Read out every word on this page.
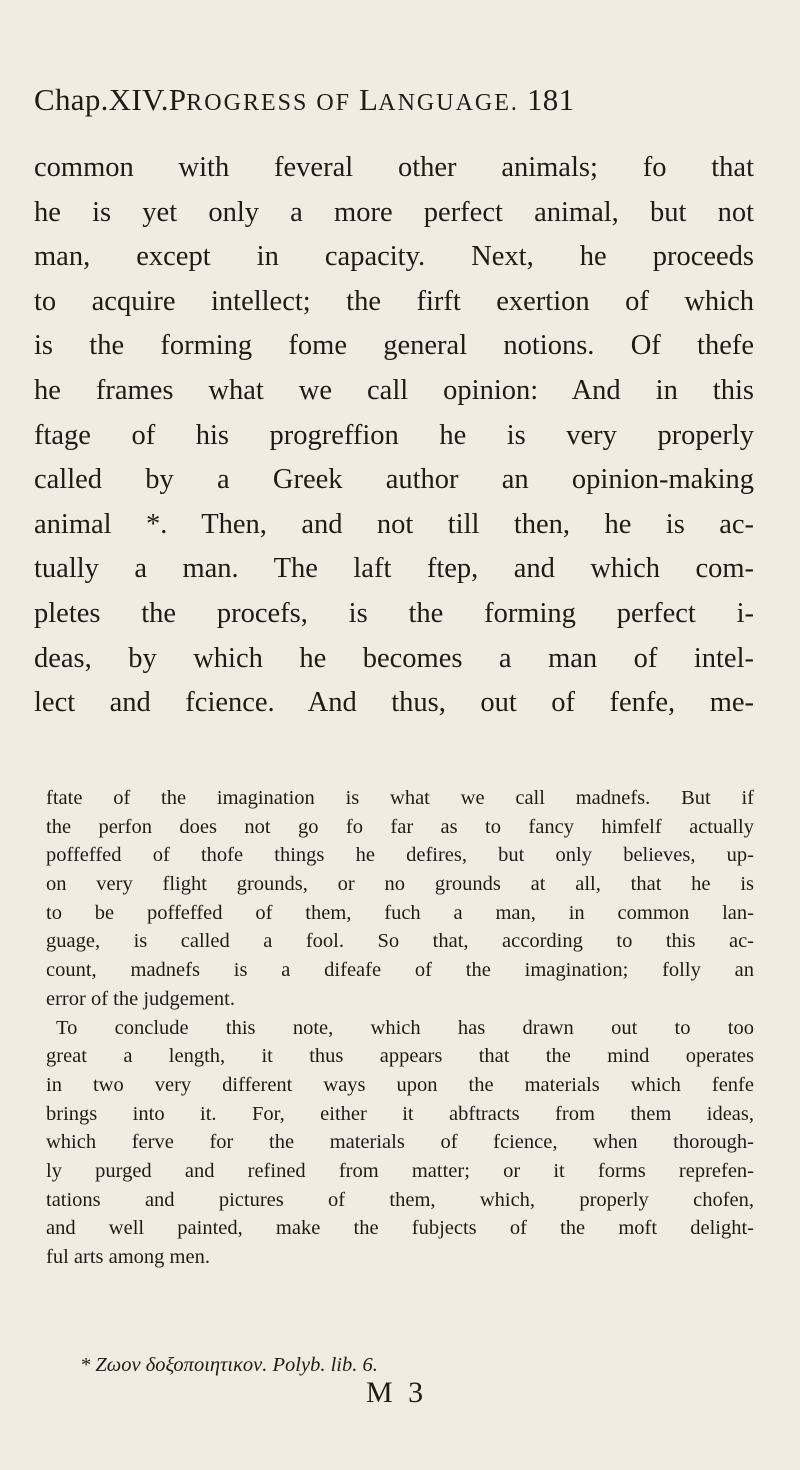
Chap.XIV.PROGRESS OF LANGUAGE. 181
common with feveral other animals; fo that
he is yet only a more perfect animal, but not
man, except in capacity. Next, he proceeds
to acquire intellect; the firft exertion of which
is the forming fome general notions. Of thefe
he frames what we call opinion: And in this
ftage of his progreffion he is very properly
called by a Greek author an opinion-making
animal *. Then, and not till then, he is ac-
tually a man. The laft ftep, and which com-
pletes the procefs, is the forming perfect i-
deas, by which he becomes a man of intel-
lect and fcience. And thus, out of fenfe, me-
ftate of the imagination is what we call madnefs. But if
the perfon does not go fo far as to fancy himfelf actually
poffeffed of thofe things he defires, but only believes, up-
on very flight grounds, or no grounds at all, that he is
to be poffeffed of them, fuch a man, in common lan-
guage, is called a fool. So that, according to this ac-
count, madnefs is a difeafe of the imagination; folly an
error of the judgement.
To conclude this note, which has drawn out to too
great a length, it thus appears that the mind operates
in two very different ways upon the materials which fenfe
brings into it. For, either it abftracts from them ideas,
which ferve for the materials of fcience, when thorough-
ly purged and refined from matter; or it forms reprefen-
tations and pictures of them, which, properly chofen,
and well painted, make the fubjects of the moft delight-
ful arts among men.
* Ζωον δοξοποιητικον. Polyb. lib. 6.
M 3
